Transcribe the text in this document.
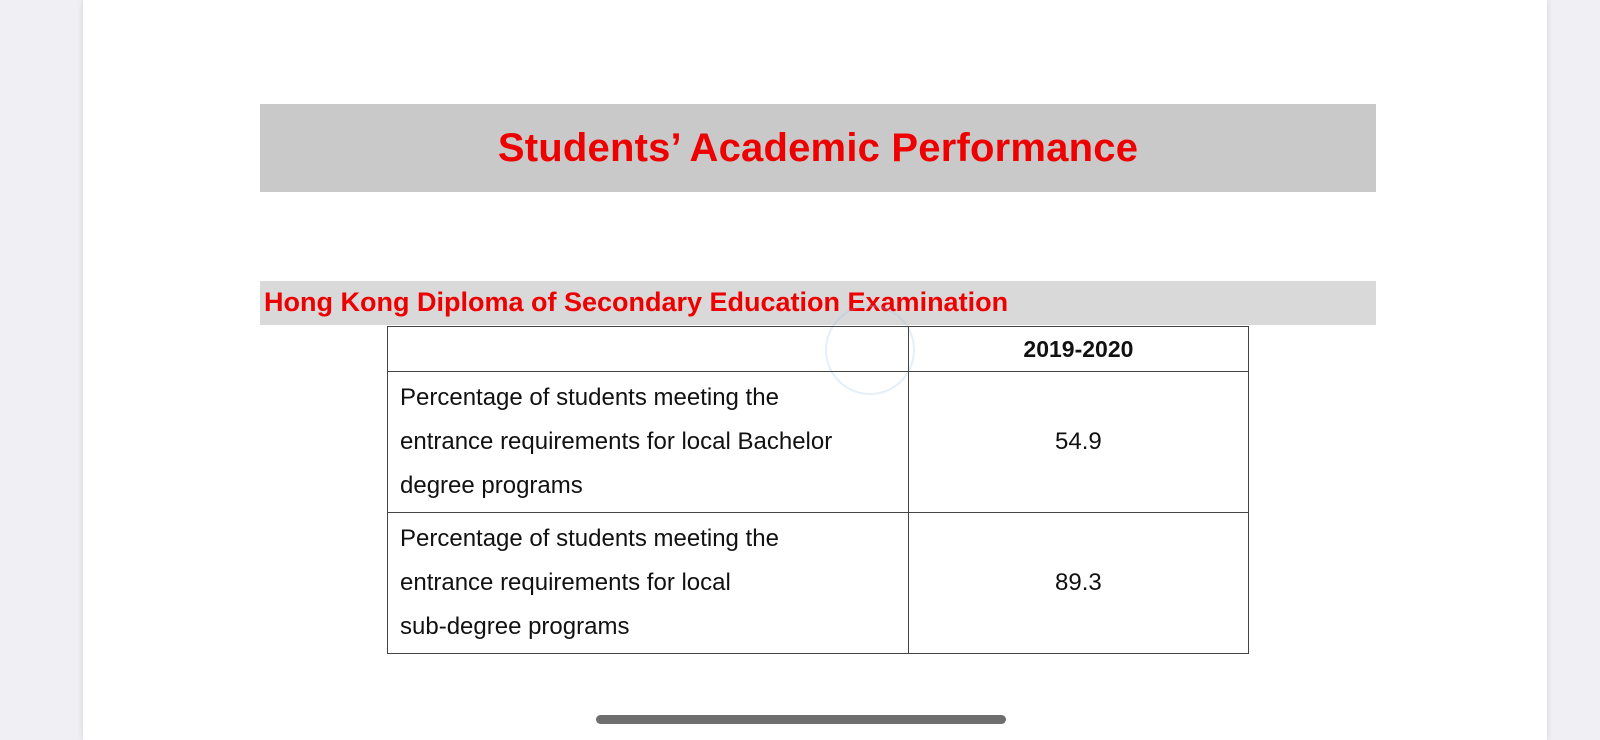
Students’ Academic Performance
Hong Kong Diploma of Secondary Education Examination
	2019-2020

Percentage of students meeting the
entrance requirements for local Bachelor
degree programs	54.9

Percentage of students meeting the
entrance requirements for local
sub-degree programs	89.3
